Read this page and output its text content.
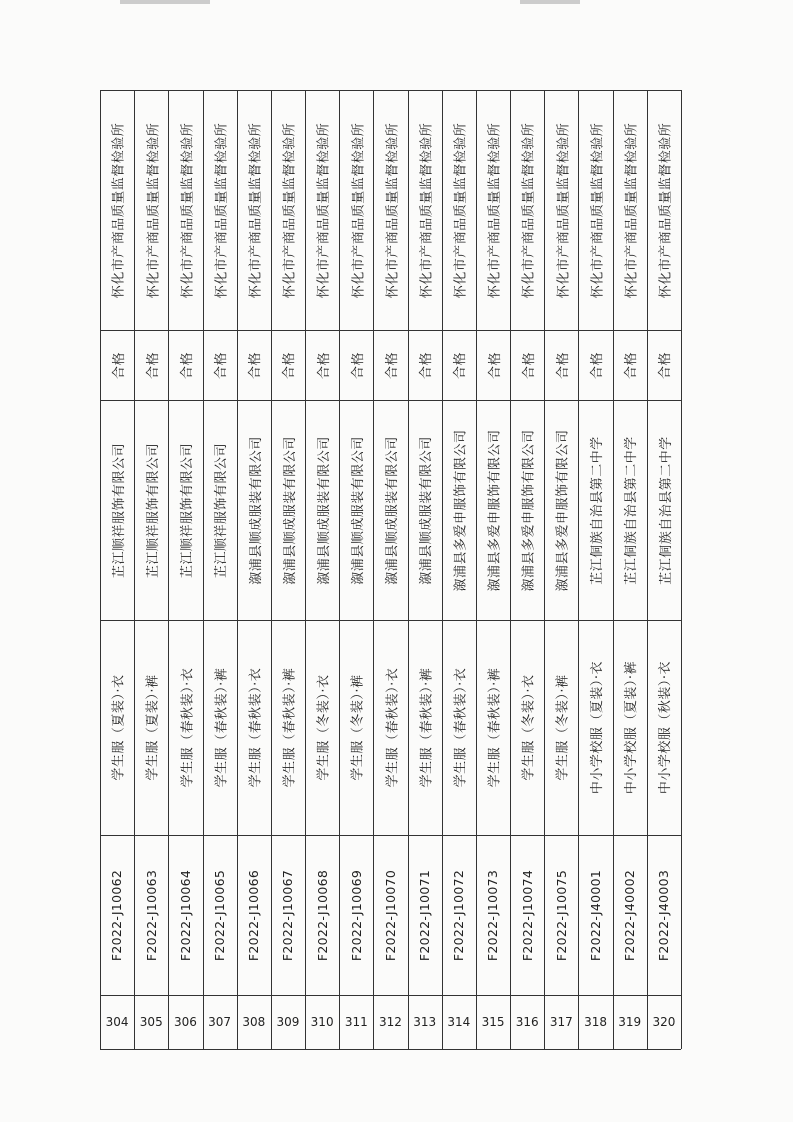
304
F2022-J10062
学生服（夏装）·衣
芷江顺祥服饰有限公司
合格
怀化市产商品质量监督检验所
305
F2022-J10063
学生服（夏装）·裤
芷江顺祥服饰有限公司
合格
怀化市产商品质量监督检验所
306
F2022-J10064
学生服（春秋装）·衣
芷江顺祥服饰有限公司
合格
怀化市产商品质量监督检验所
307
F2022-J10065
学生服（春秋装）·裤
芷江顺祥服饰有限公司
合格
怀化市产商品质量监督检验所
308
F2022-J10066
学生服（春秋装）·衣
溆浦县顺成服装有限公司
合格
怀化市产商品质量监督检验所
309
F2022-J10067
学生服（春秋装）·裤
溆浦县顺成服装有限公司
合格
怀化市产商品质量监督检验所
310
F2022-J10068
学生服（冬装）·衣
溆浦县顺成服装有限公司
合格
怀化市产商品质量监督检验所
311
F2022-J10069
学生服（冬装）·裤
溆浦县顺成服装有限公司
合格
怀化市产商品质量监督检验所
312
F2022-J10070
学生服（春秋装）·衣
溆浦县顺成服装有限公司
合格
怀化市产商品质量监督检验所
313
F2022-J10071
学生服（春秋装）·裤
溆浦县顺成服装有限公司
合格
怀化市产商品质量监督检验所
314
F2022-J10072
学生服（春秋装）·衣
溆浦县多爱申服饰有限公司
合格
怀化市产商品质量监督检验所
315
F2022-J10073
学生服（春秋装）·裤
溆浦县多爱申服饰有限公司
合格
怀化市产商品质量监督检验所
316
F2022-J10074
学生服（冬装）·衣
溆浦县多爱申服饰有限公司
合格
怀化市产商品质量监督检验所
317
F2022-J10075
学生服（冬装）·裤
溆浦县多爱申服饰有限公司
合格
怀化市产商品质量监督检验所
318
F2022-J40001
中小学校服（夏装）·衣
芷江侗族自治县第二中学
合格
怀化市产商品质量监督检验所
319
F2022-J40002
中小学校服（夏装）·裤
芷江侗族自治县第二中学
合格
怀化市产商品质量监督检验所
320
F2022-J40003
中小学校服（秋装）·衣
芷江侗族自治县第二中学
合格
怀化市产商品质量监督检验所
